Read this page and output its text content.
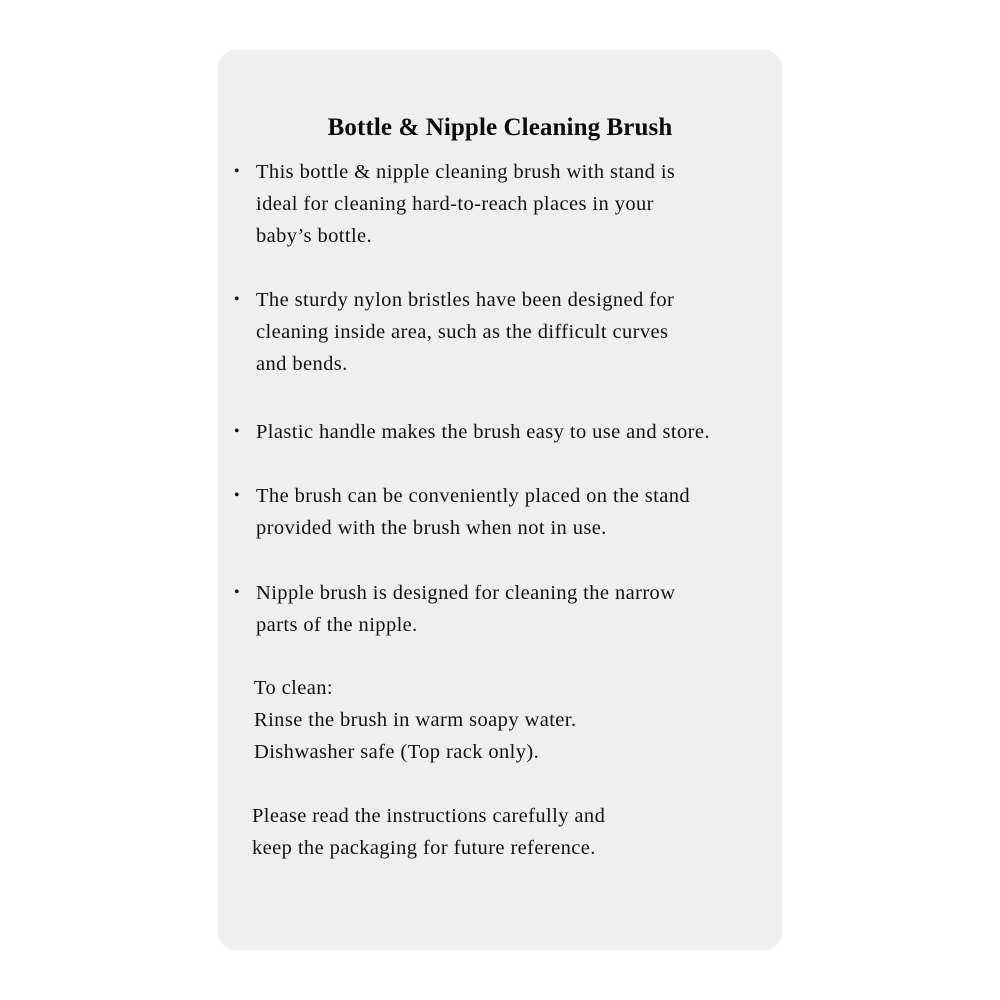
Bottle & Nipple Cleaning Brush
• This bottle & nipple cleaning brush with stand is
ideal for cleaning hard-to-reach places in your
baby’s bottle.
• The sturdy nylon bristles have been designed for
cleaning inside area, such as the difficult curves
and bends.
• Plastic handle makes the brush easy to use and store.
• The brush can be conveniently placed on the stand
provided with the brush when not in use.
• Nipple brush is designed for cleaning the narrow
parts of the nipple.
To clean:
Rinse the brush in warm soapy water.
Dishwasher safe (Top rack only).
Please read the instructions carefully and
keep the packaging for future reference.
